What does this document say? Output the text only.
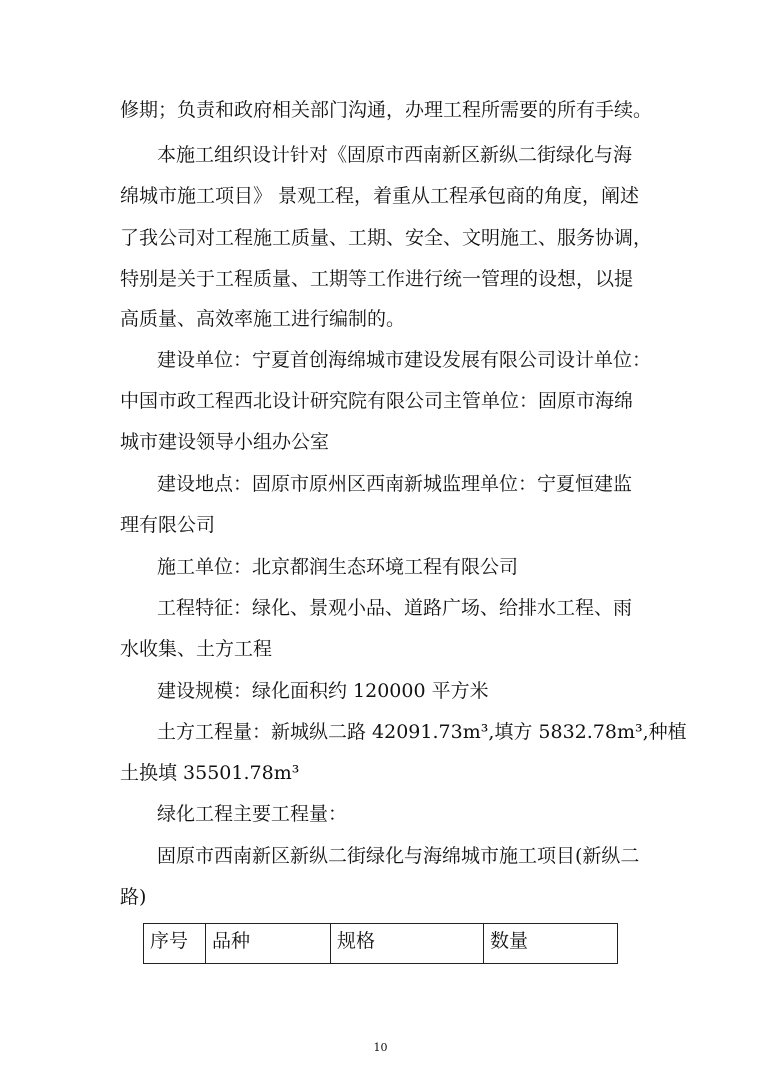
修期；负责和政府相关部门沟通，办理工程所需要的所有手续。
本施工组织设计针对《固原市西南新区新纵二街绿化与海
绵城市施工项目》 景观工程，着重从工程承包商的角度，阐述
了我公司对工程施工质量、工期、安全、文明施工、服务协调，
特别是关于工程质量、工期等工作进行统一管理的设想，以提
高质量、高效率施工进行编制的。
建设单位：宁夏首创海绵城市建设发展有限公司设计单位：
中国市政工程西北设计研究院有限公司主管单位：固原市海绵
城市建设领导小组办公室
建设地点：固原市原州区西南新城监理单位：宁夏恒建监
理有限公司
施工单位：北京都润生态环境工程有限公司
工程特征：绿化、景观小品、道路广场、给排水工程、雨
水收集、土方工程
建设规模：绿化面积约 120000 平方米
土方工程量：新城纵二路 42091.73m³,填方 5832.78m³,种植
土换填 35501.78m³
绿化工程主要工程量：
固原市西南新区新纵二街绿化与海绵城市施工项目(新纵二
路)
序号	品种	规格	数量
10
